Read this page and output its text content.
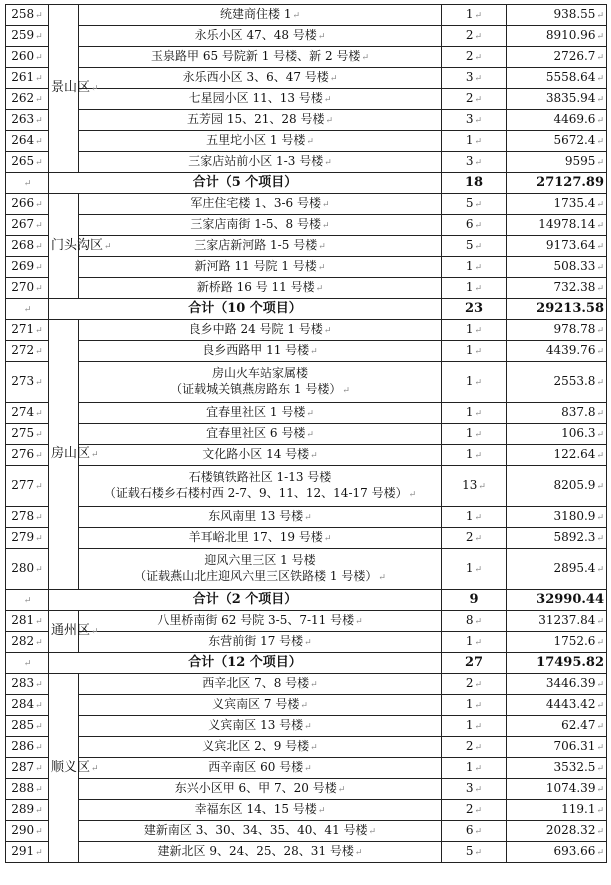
258↵	景山区↵	统建商住楼 1↵	1↵	938.55↵
259↵		永乐小区 47、48 号楼↵	2↵	8910.96↵
260↵		玉泉路甲 65 号院新 1 号楼、新 2 号楼↵	2↵	2726.7↵
261↵		永乐西小区 3、6、47 号楼↵	3↵	5558.64↵
262↵		七星园小区 11、13 号楼↵	2↵	3835.94↵
263↵		五芳园 15、21、28 号楼↵	3↵	4469.6↵
264↵		五里坨小区 1 号楼↵	1↵	5672.4↵
265↵		三家店站前小区 1-3 号楼↵	3↵	9595↵
↵	合计（5 个项目）		18	27127.89
266↵	门头沟区↵	军庄住宅楼 1、3-6 号楼↵	5↵	1735.4↵
267↵		三家店南街 1-5、8 号楼↵	6↵	14978.14↵
268↵		三家店新河路 1-5 号楼↵	5↵	9173.64↵
269↵		新河路 11 号院 1 号楼↵	1↵	508.33↵
270↵		新桥路 16 号 11 号楼↵	1↵	732.38↵
↵	合计（10 个项目）		23	29213.58
271↵	房山区↵	良乡中路 24 号院 1 号楼↵	1↵	978.78↵
272↵		良乡西路甲 11 号楼↵	1↵	4439.76↵
273↵		房山火车站家属楼
（证载城关镇燕房路东 1 号楼）↵	1↵	2553.8↵
274↵		宜春里社区 1 号楼↵	1↵	837.8↵
275↵		宜春里社区 6 号楼↵	1↵	106.3↵
276↵		文化路小区 14 号楼↵	1↵	122.64↵
277↵		石楼镇铁路社区 1-13 号楼
（证载石楼乡石楼村西 2-7、9、11、12、14-17 号楼）↵	13↵	8205.9↵
278↵		东风南里 13 号楼↵	1↵	3180.9↵
279↵		羊耳峪北里 17、19 号楼↵	2↵	5892.3↵
280↵		迎风六里三区 1 号楼
（证载燕山北庄迎风六里三区铁路楼 1 号楼）↵	1↵	2895.4↵
↵	合计（2 个项目）		9	32990.44
281↵	通州区↵	八里桥南街 62 号院 3-5、7-11 号楼↵	8↵	31237.84↵
282↵		东营前街 17 号楼↵	1↵	1752.6↵
↵	合计（12 个项目）		27	17495.82
283↵	顺义区↵	西辛北区 7、8 号楼↵	2↵	3446.39↵
284↵		义宾南区 7 号楼↵	1↵	4443.42↵
285↵		义宾南区 13 号楼↵	1↵	62.47↵
286↵		义宾北区 2、9 号楼↵	2↵	706.31↵
287↵		西辛南区 60 号楼↵	1↵	3532.5↵
288↵		东兴小区甲 6、甲 7、20 号楼↵	3↵	1074.39↵
289↵		幸福东区 14、15 号楼↵	2↵	119.1↵
290↵		建新南区 3、30、34、35、40、41 号楼↵	6↵	2028.32↵
291↵		建新北区 9、24、25、28、31 号楼↵	5↵	693.66↵
